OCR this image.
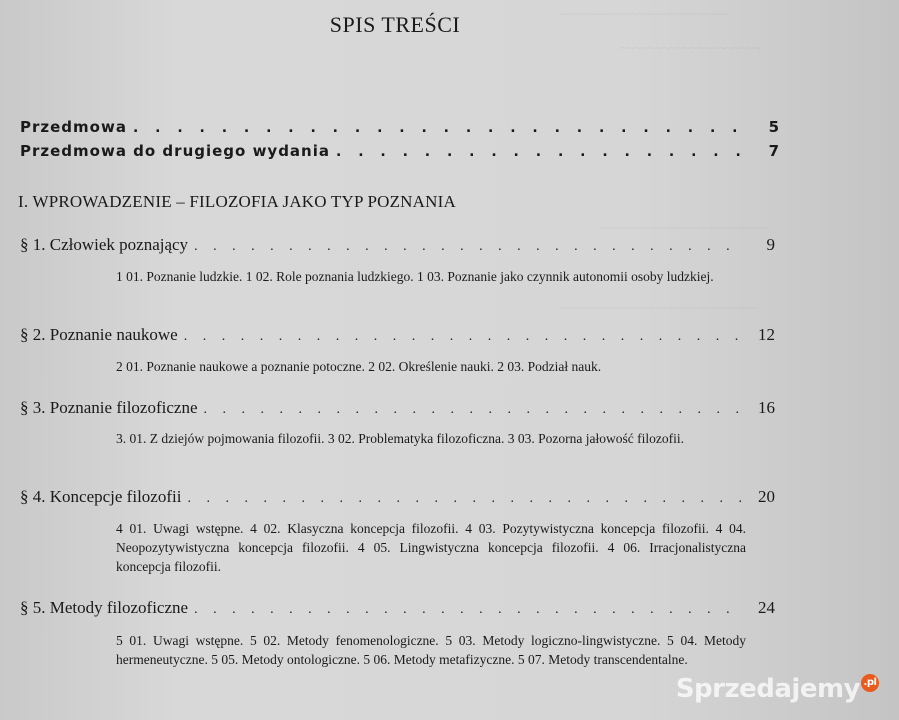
~~~~~~~~~~~~~~~~~~~~~~~~
~~~~~~~~~~~~~~~~~~~~
~~~~~~~~~~~~~~~~~~~~~~~~
~~~~~~~~~~~~~~~~~~~~~~~~~~~~
SPIS TREŚCI
Przedmowa . . .	5
Przedmowa do drugiego wydania . . .	7
I. WPROWADZENIE – FILOZOFIA JAKO TYP POZNANIA
§ 1. Człowiek poznający . . .	9
1 01. Poznanie ludzkie. 1 02. Role poznania ludzkiego. 1 03. Poznanie jako czynnik autonomii osoby ludzkiej.
§ 2. Poznanie naukowe . . .	12
2 01. Poznanie naukowe a poznanie potoczne. 2 02. Określenie nauki. 2 03. Podział nauk.
§ 3. Poznanie filozoficzne . . .	16
3. 01. Z dziejów pojmowania filozofii. 3 02. Problematyka filozoficzna. 3 03. Pozorna jałowość filozofii.
§ 4. Koncepcje filozofii . . .	20
4 01. Uwagi wstępne. 4 02. Klasyczna koncepcja filozofii. 4 03. Pozytywistyczna koncepcja filozofii. 4 04. Neopozytywistyczna koncepcja filozofii. 4 05. Lingwistyczna koncepcja filozofii. 4 06. Irracjonalistyczna koncepcja filozofii.
§ 5. Metody filozoficzne . . .	24
5 01. Uwagi wstępne. 5 02. Metody fenomenologiczne. 5 03. Metody logiczno-lingwistyczne. 5 04. Metody hermeneutyczne. 5 05. Metody ontologiczne. 5 06. Metody metafizyczne. 5 07. Metody transcendentalne.
Sprzedajemy .pl
